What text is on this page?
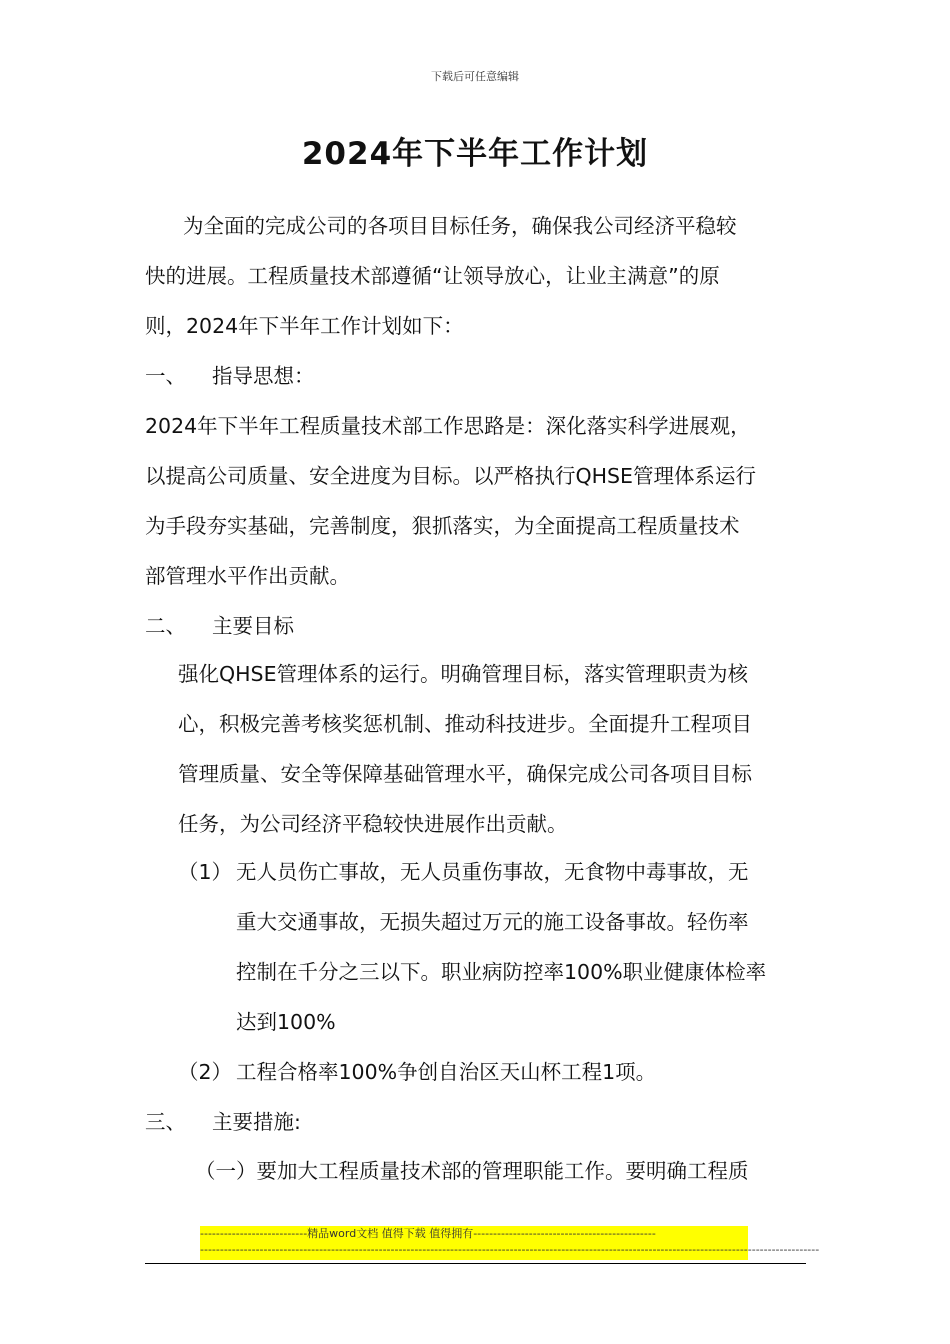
下载后可任意编辑
2024年下半年工作计划
为全面的完成公司的各项目目标任务，确保我公司经济平稳较
快的进展。工程质量技术部遵循“让领导放心，让业主满意”的原
则，2024年下半年工作计划如下：
一、 指导思想：
2024年下半年工程质量技术部工作思路是：深化落实科学进展观，
以提高公司质量、安全进度为目标。以严格执行QHSE管理体系运行
为手段夯实基础，完善制度，狠抓落实，为全面提高工程质量技术
部管理水平作出贡献。
二、 主要目标
强化QHSE管理体系的运行。明确管理目标，落实管理职责为核
心，积极完善考核奖惩机制、推动科技进步。全面提升工程项目
管理质量、安全等保障基础管理水平，确保完成公司各项目目标
任务，为公司经济平稳较快进展作出贡献。
（1） 无人员伤亡事故，无人员重伤事故，无食物中毒事故，无
重大交通事故，无损失超过万元的施工设备事故。轻伤率
控制在千分之三以下。职业病防控率100%职业健康体检率
达到100%
（2） 工程合格率100%争创自治区天山杯工程1项。
三、 主要措施:
（一）要加大工程质量技术部的管理职能工作。要明确工程质
---------------------------精品word文档 值得下载 值得拥有----------------------------------------------
------------------------------------------------------------------------------------------------------------------------------------------------------------
